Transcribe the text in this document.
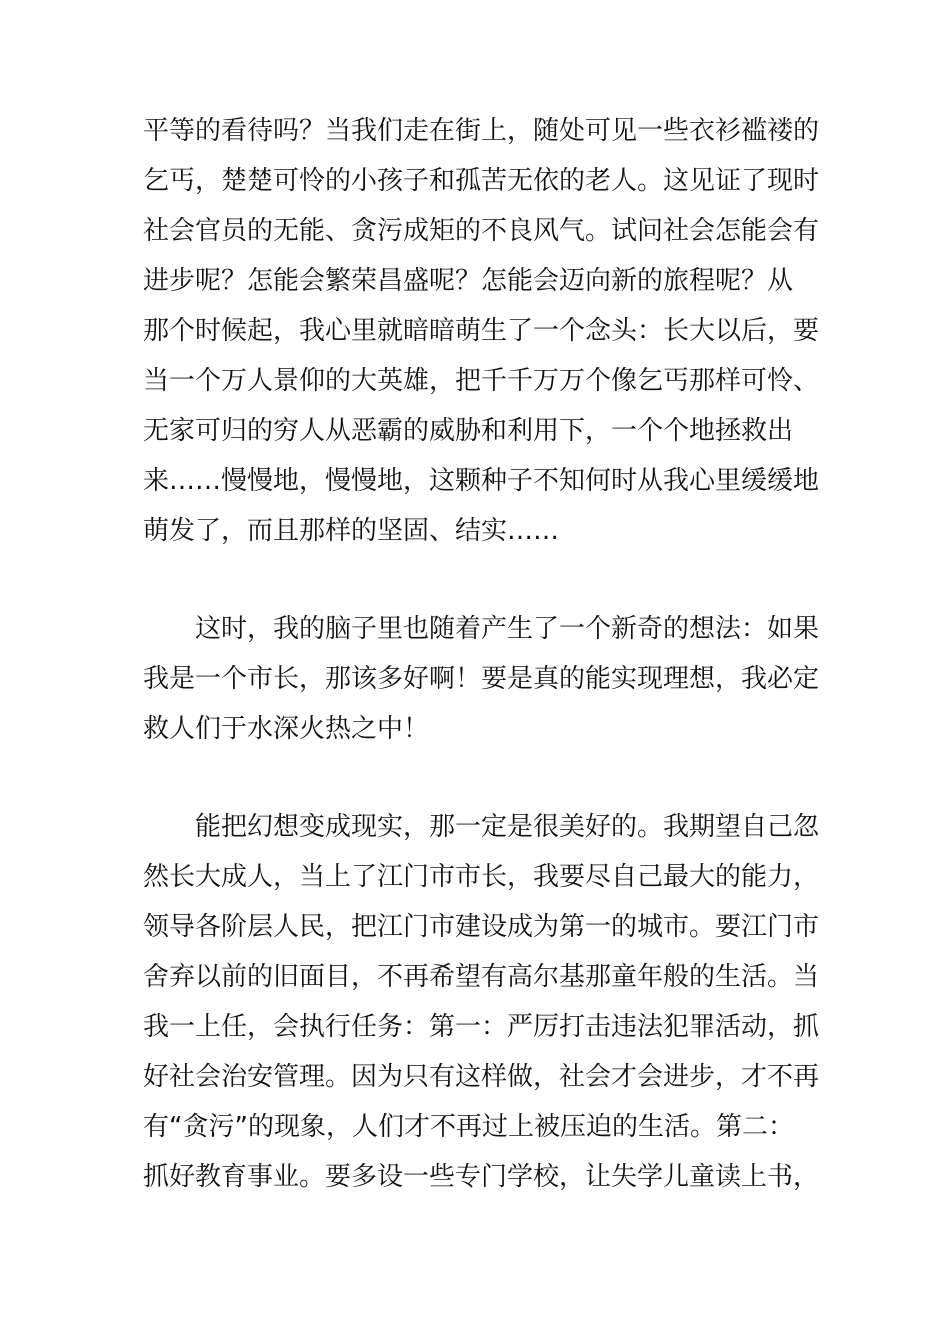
平等的看待吗？当我们走在街上，随处可见一些衣衫褴褛的
乞丐，楚楚可怜的小孩子和孤苦无依的老人。这见证了现时
社会官员的无能、贪污成矩的不良风气。试问社会怎能会有
进步呢？怎能会繁荣昌盛呢？怎能会迈向新的旅程呢？从
那个时候起，我心里就暗暗萌生了一个念头：长大以后，要
当一个万人景仰的大英雄，把千千万万个像乞丐那样可怜、
无家可归的穷人从恶霸的威胁和利用下，一个个地拯救出
来……慢慢地，慢慢地，这颗种子不知何时从我心里缓缓地
萌发了，而且那样的坚固、结实……
这时，我的脑子里也随着产生了一个新奇的想法：如果
我是一个市长，那该多好啊！要是真的能实现理想，我必定
救人们于水深火热之中！
能把幻想变成现实，那一定是很美好的。我期望自己忽
然长大成人，当上了江门市市长，我要尽自己最大的能力，
领导各阶层人民，把江门市建设成为第一的城市。要江门市
舍弃以前的旧面目，不再希望有高尔基那童年般的生活。当
我一上任，会执行任务：第一：严厉打击违法犯罪活动，抓
好社会治安管理。因为只有这样做，社会才会进步，才不再
有“贪污”的现象，人们才不再过上被压迫的生活。第二：
抓好教育事业。要多设一些专门学校，让失学儿童读上书，
